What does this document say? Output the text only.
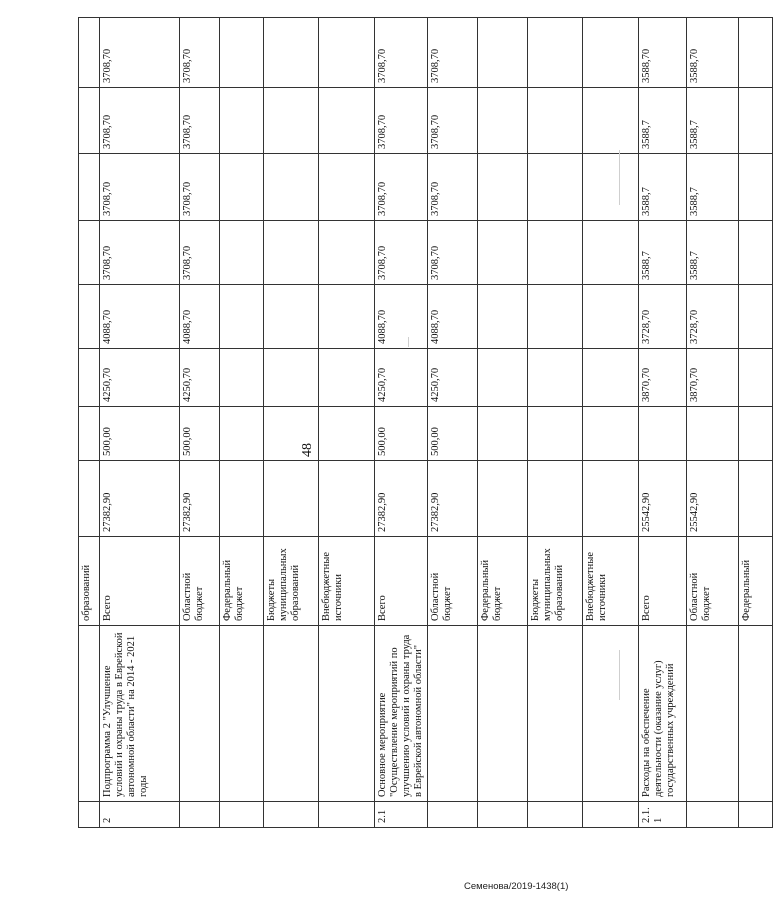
48
		образований								
2	Подпрограмма 2 "Улучшение условий и охраны труда в Еврейской автономной области" на 2014 - 2021 годы	Всего	27382,90	500,00	4250,70	4088,70	3708,70	3708,70	3708,70	3708,70
		Областной бюджет	27382,90	500,00	4250,70	4088,70	3708,70	3708,70	3708,70	3708,70
		Федеральный бюджет								
		Бюджеты муниципальных образований								
		Внебюджетные источники								
2.1	Основное мероприятие "Осуществление мероприятий по улучшению условий и охраны труда в Еврейской автономной области"	Всего	27382,90	500,00	4250,70	4088,70	3708,70	3708,70	3708,70	3708,70
		Областной бюджет	27382,90	500,00	4250,70	4088,70	3708,70	3708,70	3708,70	3708,70
		Федеральный бюджет								
		Бюджеты муниципальных образований								
		Внебюджетные источники								
2.1.1	Расходы на обеспечение деятельности (оказание услуг) государственных учреждений	Всего	25542,90		3870,70	3728,70	3588,7	3588,7	3588,7	3588,70
		Областной бюджет	25542,90		3870,70	3728,70	3588,7	3588,7	3588,7	3588,70
		Федеральный								
Семенова/2019-1438(1)
